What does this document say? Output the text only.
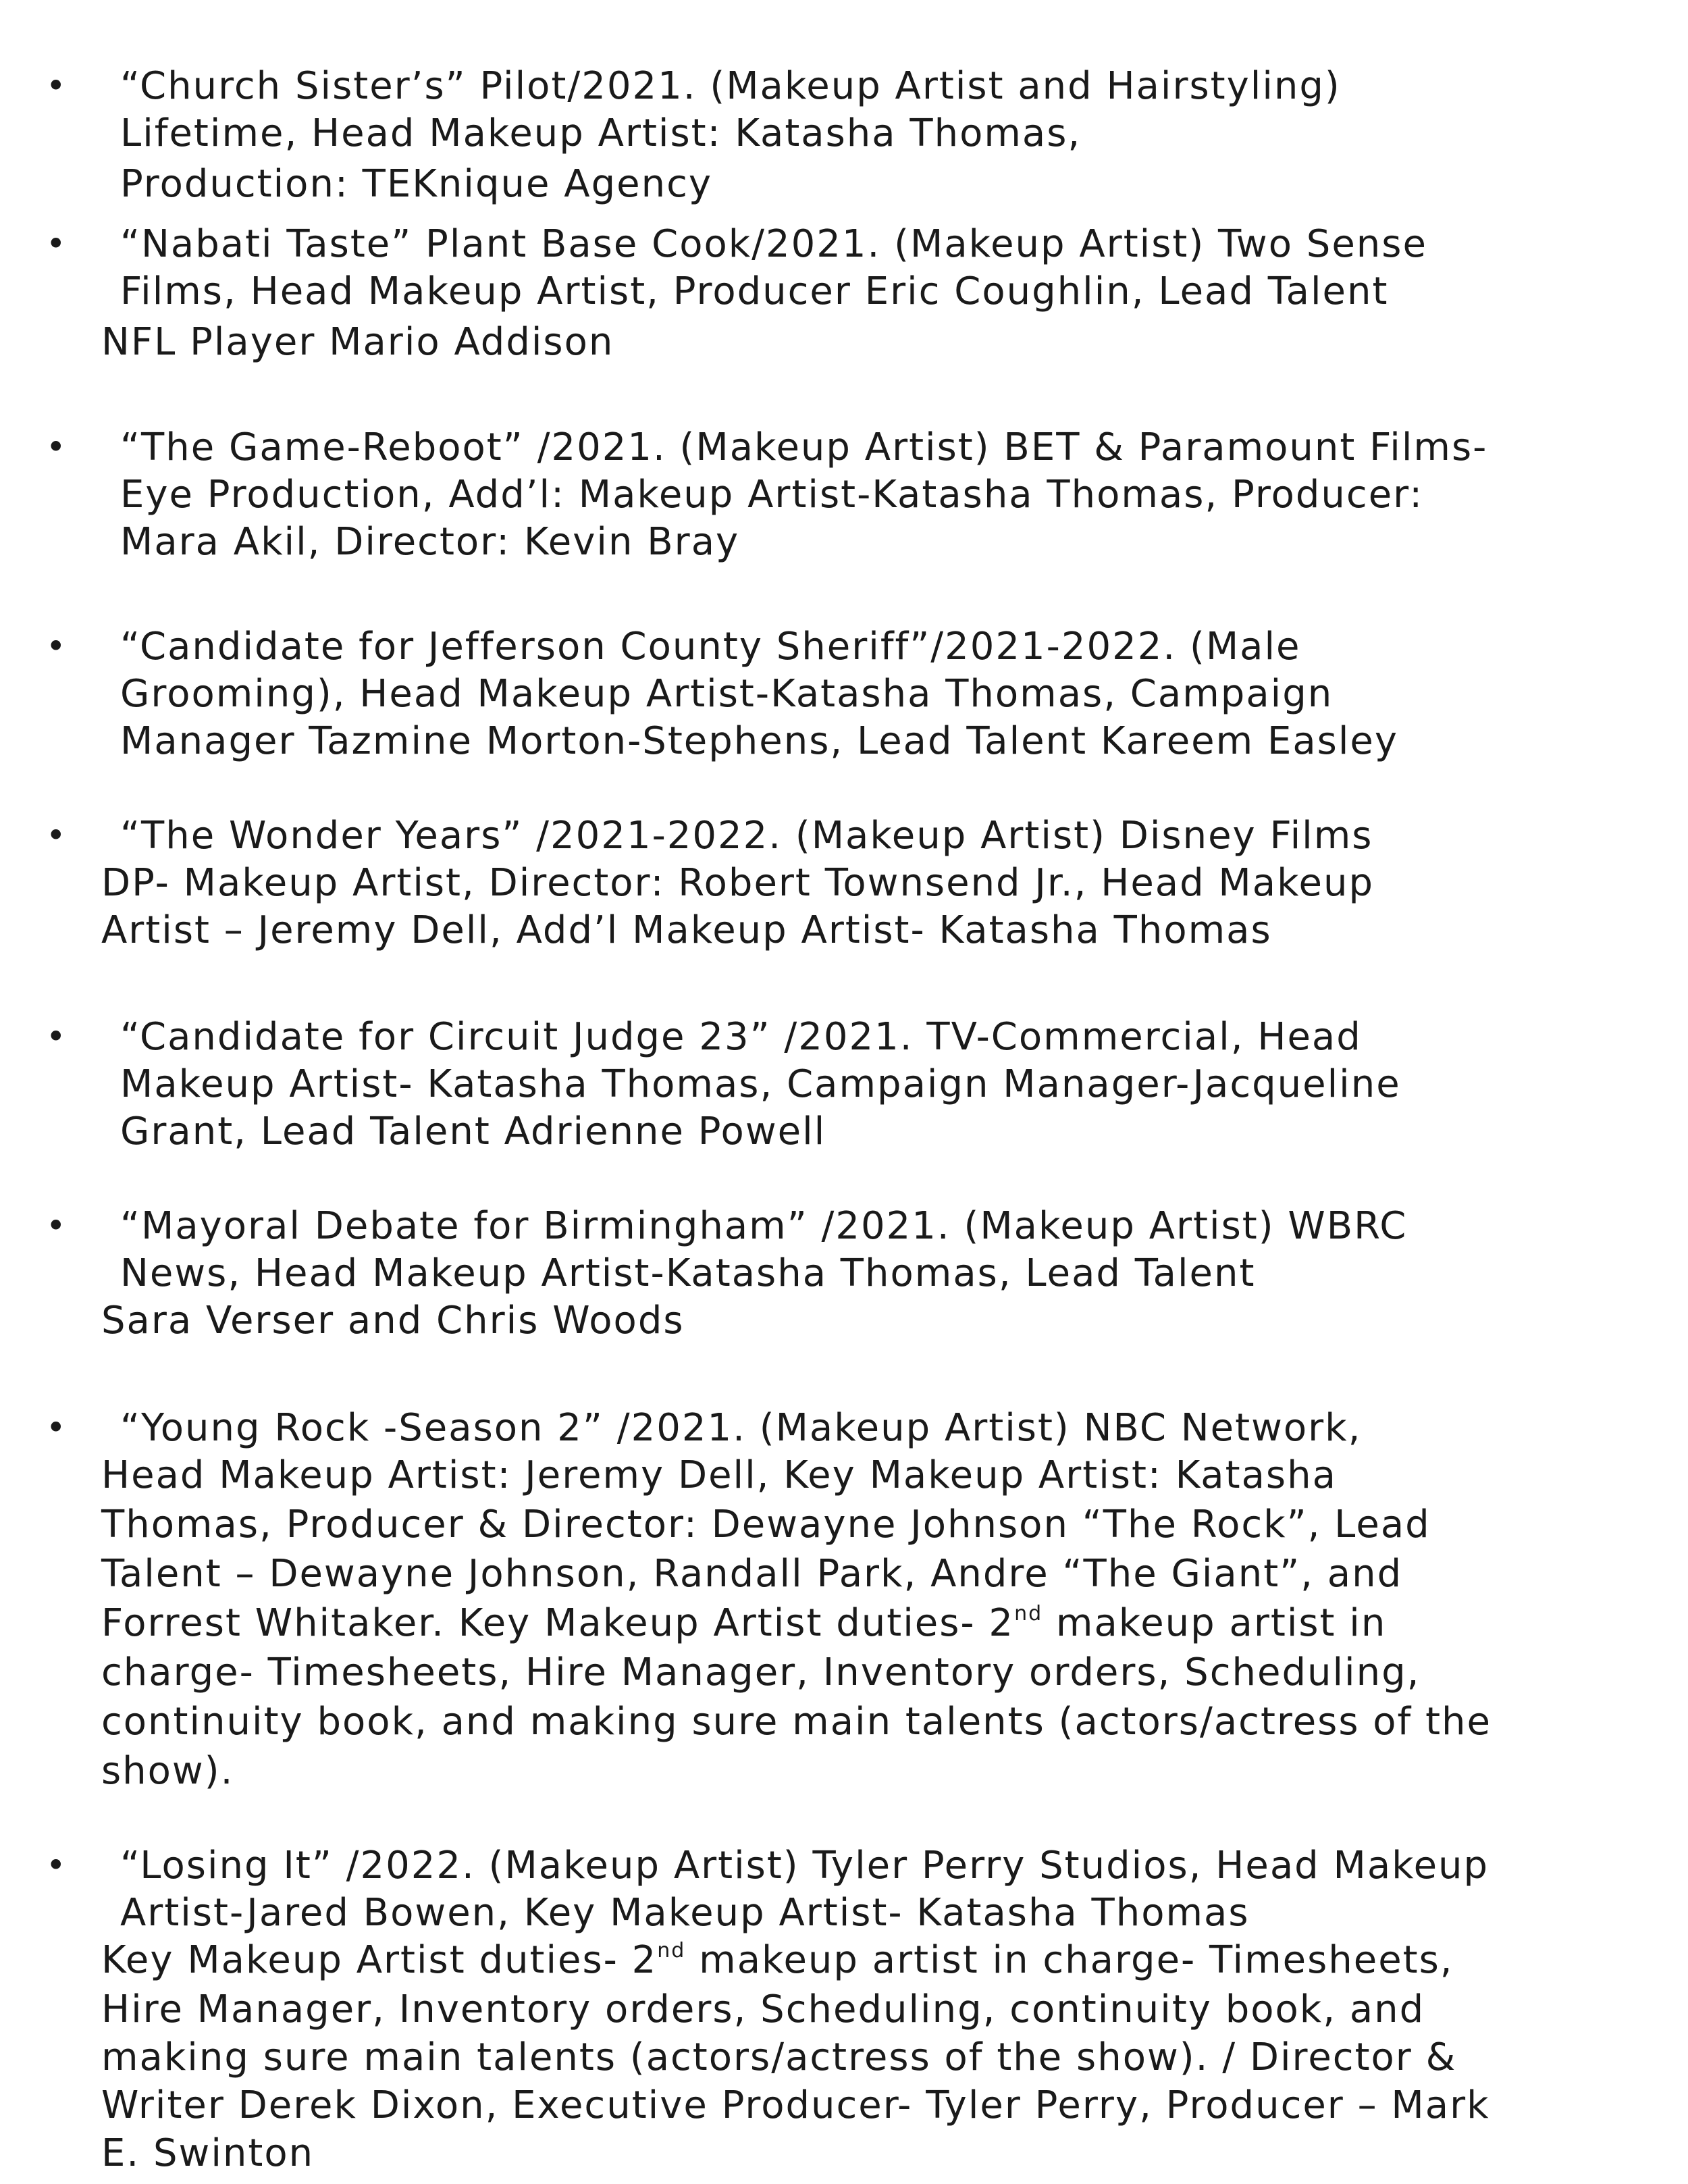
• “Church Sister’s” Pilot/2021. (Makeup Artist and Hairstyling)
Lifetime, Head Makeup Artist: Katasha Thomas,
Production: TEKnique Agency
• “Nabati Taste” Plant Base Cook/2021. (Makeup Artist) Two Sense
Films, Head Makeup Artist, Producer Eric Coughlin, Lead Talent
NFL Player Mario Addison
• “The Game-Reboot” /2021. (Makeup Artist) BET & Paramount Films-
Eye Production, Add’l: Makeup Artist-Katasha Thomas, Producer:
Mara Akil, Director: Kevin Bray
• “Candidate for Jefferson County Sheriff”/2021-2022. (Male
Grooming), Head Makeup Artist-Katasha Thomas, Campaign
Manager Tazmine Morton-Stephens, Lead Talent Kareem Easley
• “The Wonder Years” /2021-2022. (Makeup Artist) Disney Films
DP- Makeup Artist, Director: Robert Townsend Jr., Head Makeup
Artist – Jeremy Dell, Add’l Makeup Artist- Katasha Thomas
• “Candidate for Circuit Judge 23” /2021. TV-Commercial, Head
Makeup Artist- Katasha Thomas, Campaign Manager-Jacqueline
Grant, Lead Talent Adrienne Powell
• “Mayoral Debate for Birmingham” /2021. (Makeup Artist) WBRC
News, Head Makeup Artist-Katasha Thomas, Lead Talent
Sara Verser and Chris Woods
• “Young Rock -Season 2” /2021. (Makeup Artist) NBC Network,
Head Makeup Artist: Jeremy Dell, Key Makeup Artist: Katasha
Thomas, Producer & Director: Dewayne Johnson “The Rock”, Lead
Talent – Dewayne Johnson, Randall Park, Andre “The Giant”, and
Forrest Whitaker. Key Makeup Artist duties- 2nd makeup artist in
charge- Timesheets, Hire Manager, Inventory orders, Scheduling,
continuity book, and making sure main talents (actors/actress of the
show).
• “Losing It” /2022. (Makeup Artist) Tyler Perry Studios, Head Makeup
Artist-Jared Bowen, Key Makeup Artist- Katasha Thomas
Key Makeup Artist duties- 2nd makeup artist in charge- Timesheets,
Hire Manager, Inventory orders, Scheduling, continuity book, and
making sure main talents (actors/actress of the show). / Director &
Writer Derek Dixon, Executive Producer- Tyler Perry, Producer – Mark
E. Swinton
